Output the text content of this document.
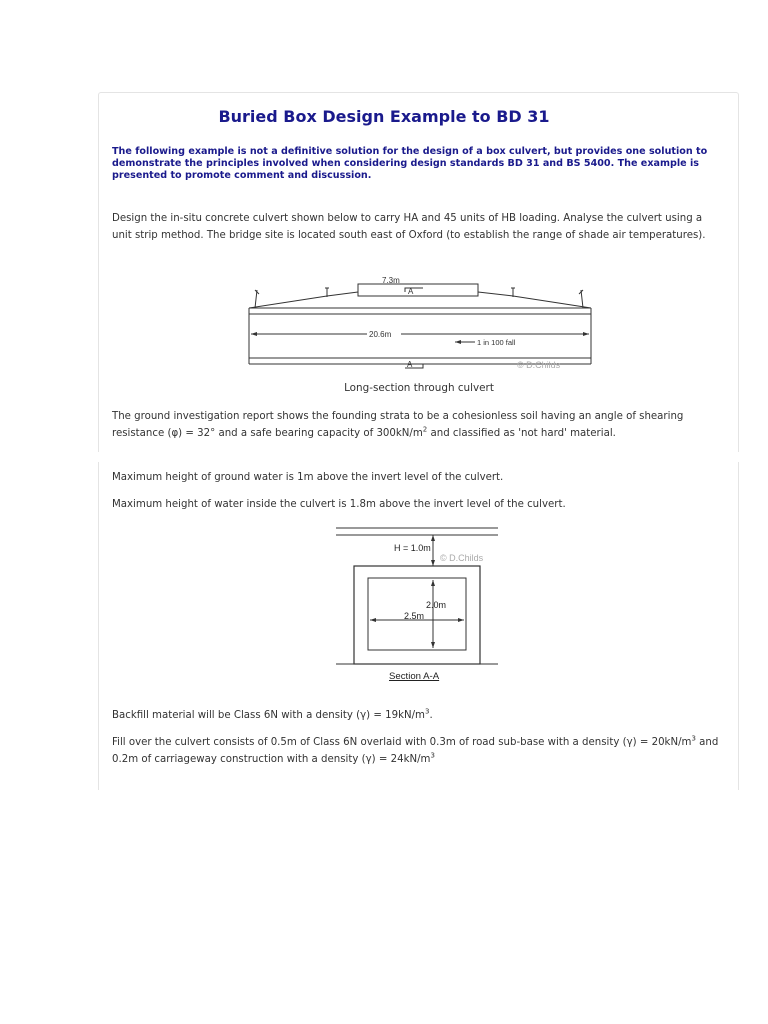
Buried Box Design Example to BD 31
The following example is not a definitive solution for the design of a box culvert, but provides one solution to demonstrate the principles involved when considering design standards BD 31 and BS 5400. The example is presented to promote comment and discussion.
Design the in-situ concrete culvert shown below to carry HA and 45 units of HB loading. Analyse the culvert using a unit strip method. The bridge site is located south east of Oxford (to establish the range of shade air temperatures).
7.3m
A
20.6m
1 in 100 fall
A	© D.Childs
Long-section through culvert
The ground investigation report shows the founding strata to be a cohesionless soil having an angle of shearing resistance (φ) = 32° and a safe bearing capacity of $300kN/m^2$ and classified as 'not hard' material.
Maximum height of ground water is 1m above the invert level of the culvert.
Maximum height of water inside the culvert is 1.8m above the invert level of the culvert.
H = 1.0m
© D.Childs
2.0m
2.5m
Section A-A
Backfill material will be Class 6N with a density $(\gamma) = 19kN/m^3$.
Fill over the culvert consists of 0.5m of Class 6N overlaid with 0.3m of road sub-base with a density $(\gamma) = 20kN/m^3$ and 0.2m of carriageway construction with a density $(\gamma) = 24kN/m^3$
